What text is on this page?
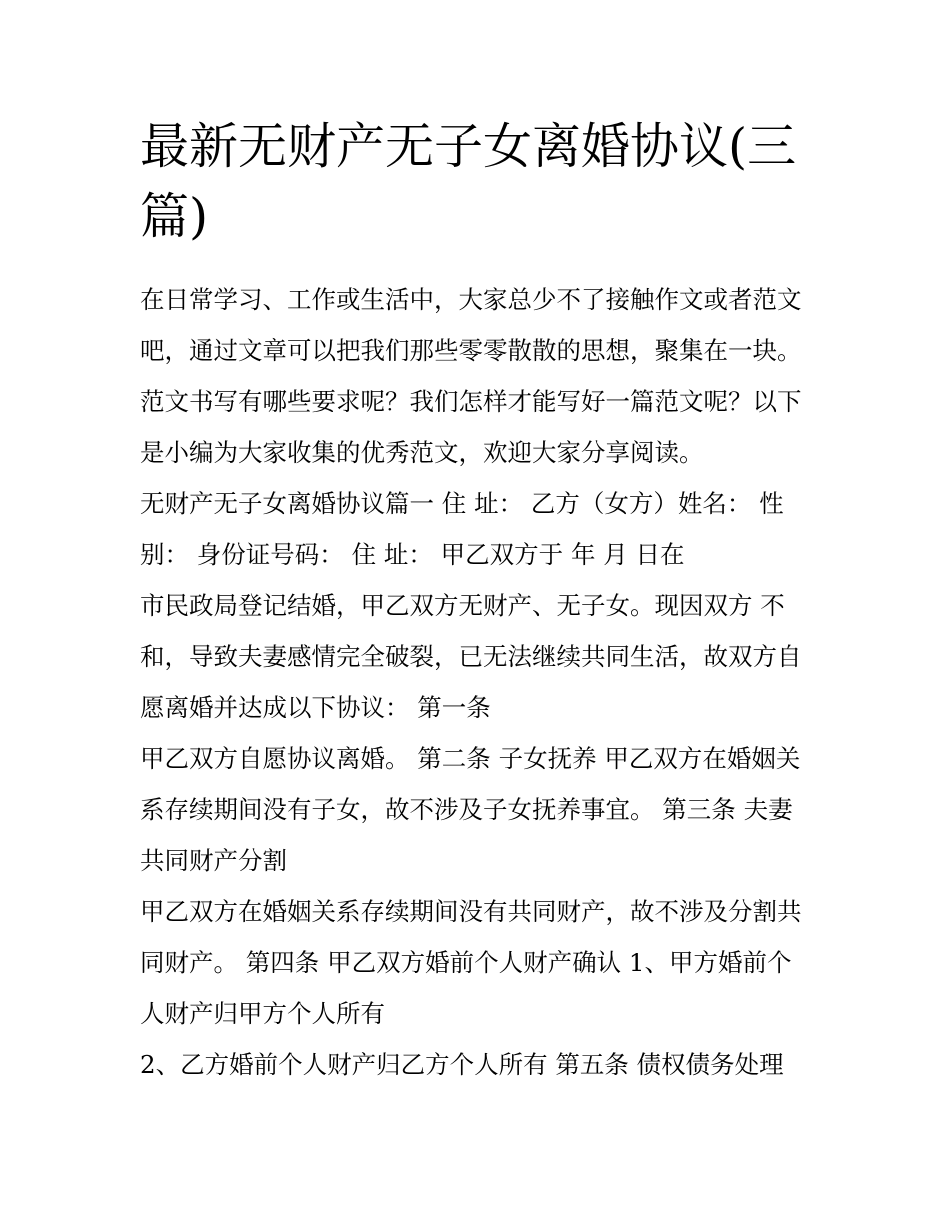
最新无财产无子女离婚协议(三篇)

在日常学习、工作或生活中，大家总少不了接触作文或者范文

吧，通过文章可以把我们那些零零散散的思想，聚集在一块。

范文书写有哪些要求呢？我们怎样才能写好一篇范文呢？以下

是小编为大家收集的优秀范文，欢迎大家分享阅读。

无财产无子女离婚协议篇一 住 址： 乙方（女方）姓名： 性

别： 身份证号码： 住 址： 甲乙双方于 年 月 日在

市民政局登记结婚，甲乙双方无财产、无子女。现因双方 不

和，导致夫妻感情完全破裂，已无法继续共同生活，故双方自

愿离婚并达成以下协议： 第一条

甲乙双方自愿协议离婚。 第二条 子女抚养 甲乙双方在婚姻关

系存续期间没有子女，故不涉及子女抚养事宜。 第三条 夫妻

共同财产分割

甲乙双方在婚姻关系存续期间没有共同财产，故不涉及分割共

同财产。 第四条 甲乙双方婚前个人财产确认 1、甲方婚前个

人财产归甲方个人所有

2、乙方婚前个人财产归乙方个人所有 第五条 债权债务处理
